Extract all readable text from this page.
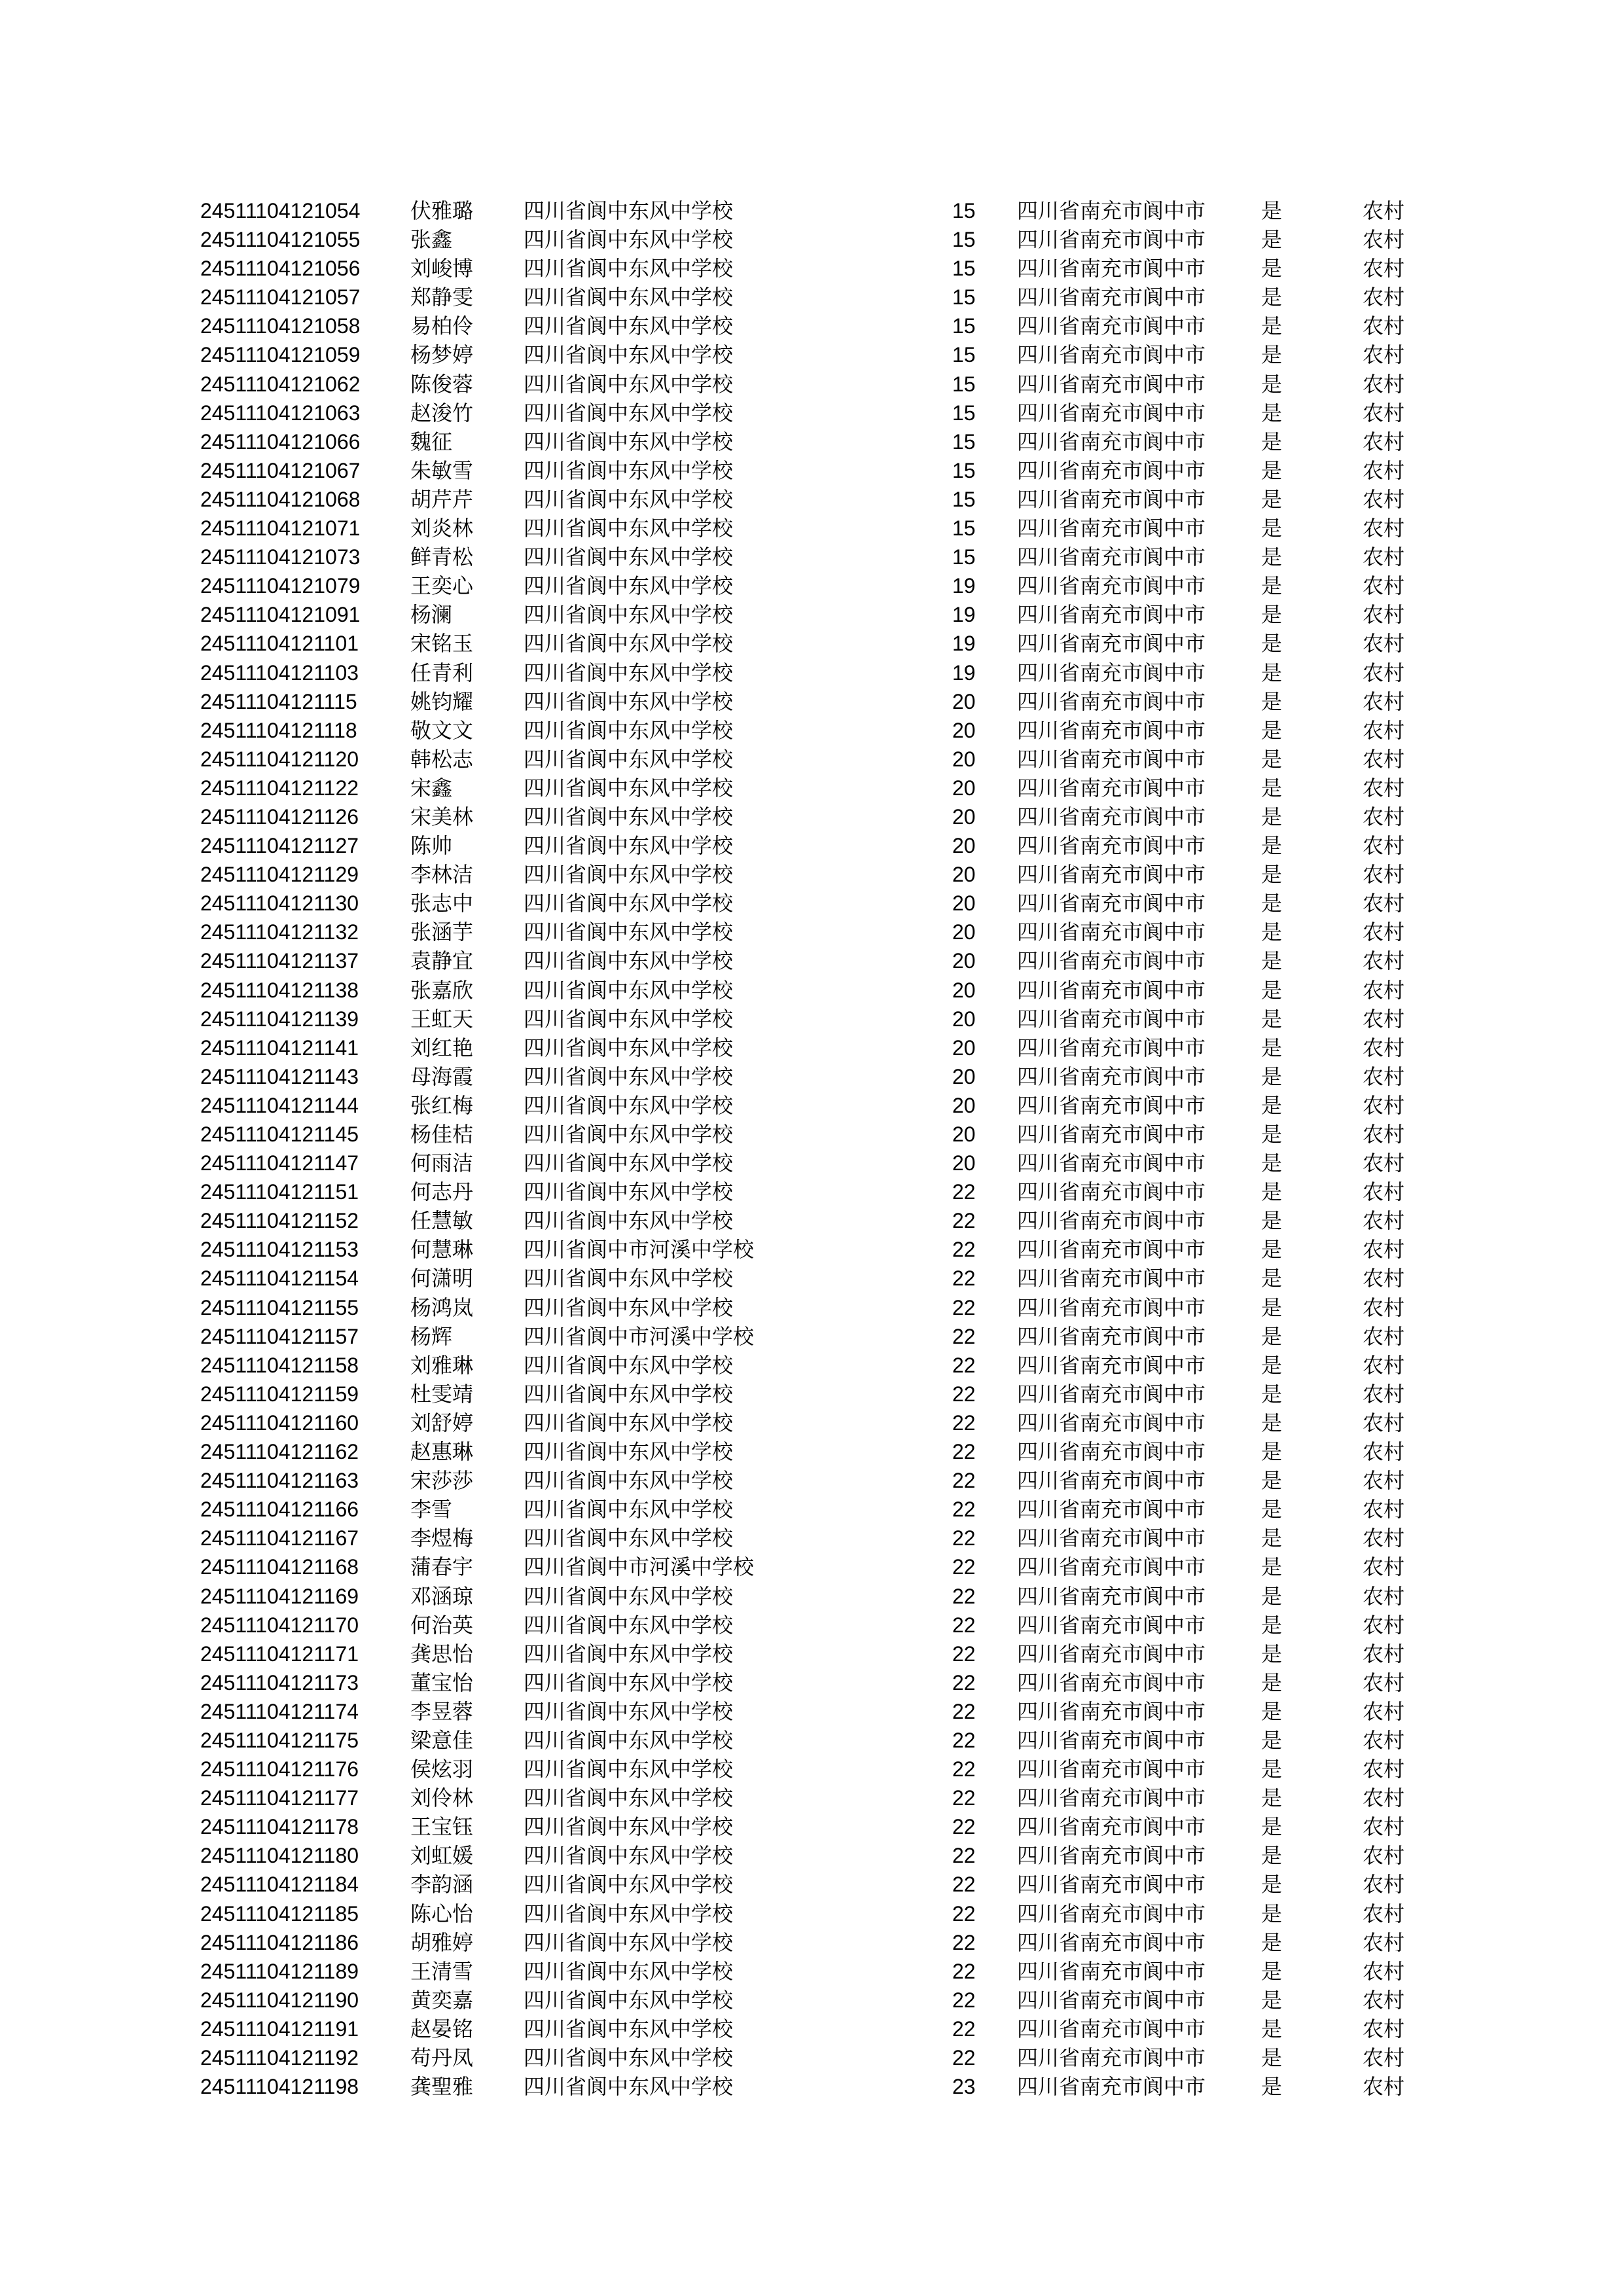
24511104121054 伏雅璐 四川省阆中东风中学校	15 四川省南充市阆中市	是	农村
24511104121055 张鑫	四川省阆中东风中学校	15 四川省南充市阆中市	是	农村
24511104121056 刘峻博 四川省阆中东风中学校	15 四川省南充市阆中市	是	农村
24511104121057 郑静雯 四川省阆中东风中学校	15 四川省南充市阆中市	是	农村
24511104121058 易柏伶 四川省阆中东风中学校	15 四川省南充市阆中市	是	农村
24511104121059 杨梦婷 四川省阆中东风中学校	15 四川省南充市阆中市	是	农村
24511104121062 陈俊蓉 四川省阆中东风中学校	15 四川省南充市阆中市	是	农村
24511104121063 赵浚竹 四川省阆中东风中学校	15 四川省南充市阆中市	是	农村
24511104121066 魏征	四川省阆中东风中学校	15 四川省南充市阆中市	是	农村
24511104121067 朱敏雪 四川省阆中东风中学校	15 四川省南充市阆中市	是	农村
24511104121068 胡芹芹 四川省阆中东风中学校	15 四川省南充市阆中市	是	农村
24511104121071 刘炎林 四川省阆中东风中学校	15 四川省南充市阆中市	是	农村
24511104121073 鲜青松 四川省阆中东风中学校	15 四川省南充市阆中市	是	农村
24511104121079 王奕心 四川省阆中东风中学校	19 四川省南充市阆中市	是	农村
24511104121091 杨澜	四川省阆中东风中学校	19 四川省南充市阆中市	是	农村
24511104121101 宋铭玉 四川省阆中东风中学校	19 四川省南充市阆中市	是	农村
24511104121103 任青利 四川省阆中东风中学校	19 四川省南充市阆中市	是	农村
24511104121115	姚钧耀 四川省阆中东风中学校	20 四川省南充市阆中市	是	农村
24511104121118	敬文文 四川省阆中东风中学校	20 四川省南充市阆中市	是	农村
24511104121120 韩松志 四川省阆中东风中学校	20 四川省南充市阆中市	是	农村
24511104121122 宋鑫	四川省阆中东风中学校	20 四川省南充市阆中市	是	农村
24511104121126 宋美林 四川省阆中东风中学校	20 四川省南充市阆中市	是	农村
24511104121127 陈帅	四川省阆中东风中学校	20 四川省南充市阆中市	是	农村
24511104121129 李林洁 四川省阆中东风中学校	20 四川省南充市阆中市	是	农村
24511104121130 张志中 四川省阆中东风中学校	20 四川省南充市阆中市	是	农村
24511104121132 张涵芋 四川省阆中东风中学校	20 四川省南充市阆中市	是	农村
24511104121137 袁静宜 四川省阆中东风中学校	20 四川省南充市阆中市	是	农村
24511104121138 张嘉欣 四川省阆中东风中学校	20 四川省南充市阆中市	是	农村
24511104121139 王虹天 四川省阆中东风中学校	20 四川省南充市阆中市	是	农村
24511104121141 刘红艳 四川省阆中东风中学校	20 四川省南充市阆中市	是	农村
24511104121143 母海霞 四川省阆中东风中学校	20 四川省南充市阆中市	是	农村
24511104121144 张红梅 四川省阆中东风中学校	20 四川省南充市阆中市	是	农村
24511104121145 杨佳桔 四川省阆中东风中学校	20 四川省南充市阆中市	是	农村
24511104121147 何雨洁 四川省阆中东风中学校	20 四川省南充市阆中市	是	农村
24511104121151 何志丹 四川省阆中东风中学校	22 四川省南充市阆中市	是	农村
24511104121152 任慧敏 四川省阆中东风中学校	22 四川省南充市阆中市	是	农村
24511104121153 何慧琳 四川省阆中市河溪中学校	22 四川省南充市阆中市	是	农村
24511104121154 何潇明 四川省阆中东风中学校	22 四川省南充市阆中市	是	农村
24511104121155 杨鸿岚 四川省阆中东风中学校	22 四川省南充市阆中市	是	农村
24511104121157 杨辉	四川省阆中市河溪中学校	22 四川省南充市阆中市	是	农村
24511104121158 刘雅琳 四川省阆中东风中学校	22 四川省南充市阆中市	是	农村
24511104121159 杜雯靖 四川省阆中东风中学校	22 四川省南充市阆中市	是	农村
24511104121160 刘舒婷 四川省阆中东风中学校	22 四川省南充市阆中市	是	农村
24511104121162 赵惠琳 四川省阆中东风中学校	22 四川省南充市阆中市	是	农村
24511104121163 宋莎莎 四川省阆中东风中学校	22 四川省南充市阆中市	是	农村
24511104121166 李雪	四川省阆中东风中学校	22 四川省南充市阆中市	是	农村
24511104121167 李煜梅 四川省阆中东风中学校	22 四川省南充市阆中市	是	农村
24511104121168 蒲春宇 四川省阆中市河溪中学校	22 四川省南充市阆中市	是	农村
24511104121169 邓涵琼 四川省阆中东风中学校	22 四川省南充市阆中市	是	农村
24511104121170 何治英 四川省阆中东风中学校	22 四川省南充市阆中市	是	农村
24511104121171 龚思怡 四川省阆中东风中学校	22 四川省南充市阆中市	是	农村
24511104121173 董宝怡 四川省阆中东风中学校	22 四川省南充市阆中市	是	农村
24511104121174 李昱蓉 四川省阆中东风中学校	22 四川省南充市阆中市	是	农村
24511104121175 梁意佳 四川省阆中东风中学校	22 四川省南充市阆中市	是	农村
24511104121176 侯炫羽 四川省阆中东风中学校	22 四川省南充市阆中市	是	农村
24511104121177 刘伶林 四川省阆中东风中学校	22 四川省南充市阆中市	是	农村
24511104121178 王宝钰 四川省阆中东风中学校	22 四川省南充市阆中市	是	农村
24511104121180 刘虹媛 四川省阆中东风中学校	22 四川省南充市阆中市	是	农村
24511104121184 李韵涵 四川省阆中东风中学校	22 四川省南充市阆中市	是	农村
24511104121185 陈心怡 四川省阆中东风中学校	22 四川省南充市阆中市	是	农村
24511104121186 胡雅婷 四川省阆中东风中学校	22 四川省南充市阆中市	是	农村
24511104121189 王清雪 四川省阆中东风中学校	22 四川省南充市阆中市	是	农村
24511104121190 黄奕嘉 四川省阆中东风中学校	22 四川省南充市阆中市	是	农村
24511104121191 赵晏铭 四川省阆中东风中学校	22 四川省南充市阆中市	是	农村
24511104121192 苟丹凤 四川省阆中东风中学校	22 四川省南充市阆中市	是	农村
24511104121198 龚聖雅 四川省阆中东风中学校	23 四川省南充市阆中市	是	农村
